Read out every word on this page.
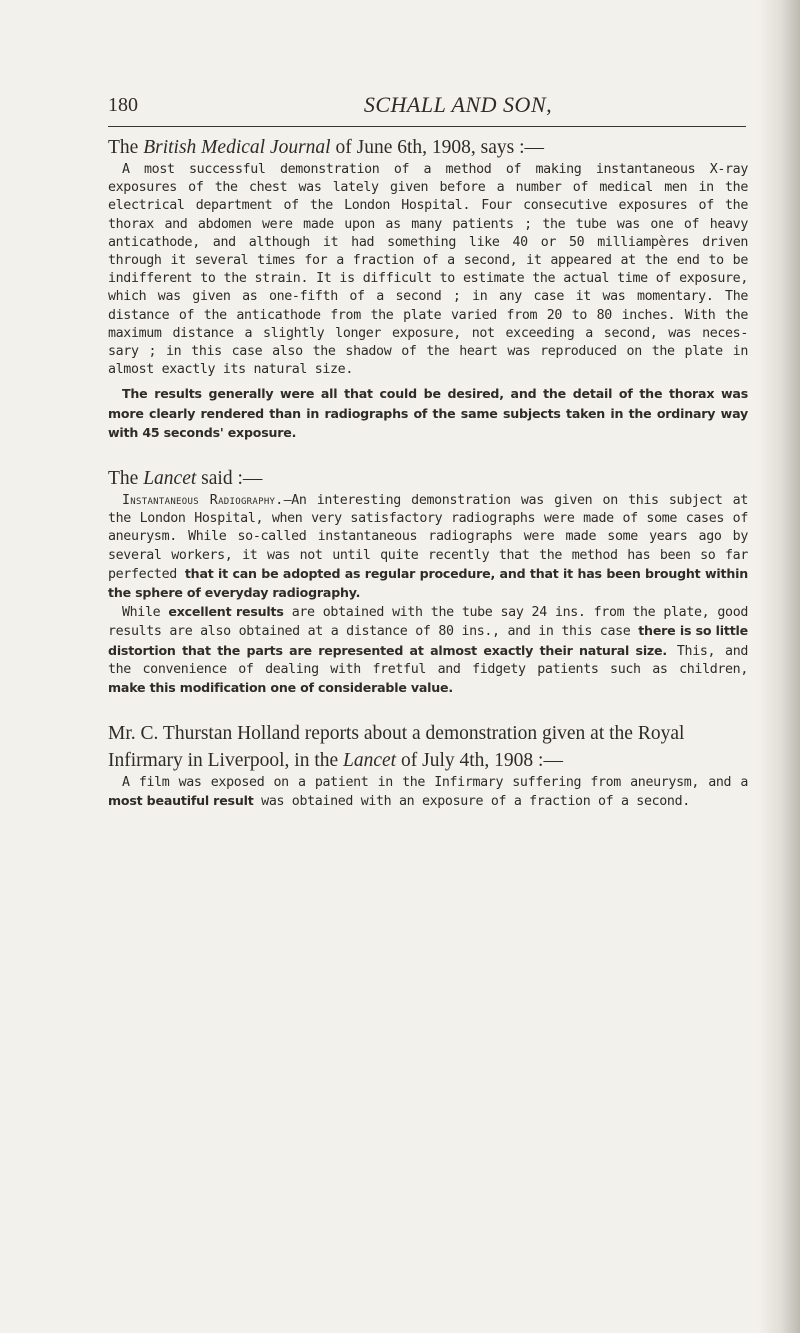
180	SCHALL AND SON,

The British Medical Journal of June 6th, 1908, says :—

A most successful demonstration of a method of making instantaneous X-ray exposures of the chest was lately given before a number of medical men in the electrical department of the London Hospital. Four consecutive exposures of the thorax and abdomen were made upon as many patients ; the tube was one of heavy anticathode, and although it had something like 40 or 50 milliampères driven through it several times for a fraction of a second, it appeared at the end to be indifferent to the strain. It is difficult to estimate the actual time of exposure, which was given as one-fifth of a second ; in any case it was momentary. The distance of the anticathode from the plate varied from 20 to 80 inches. With the maximum distance a slightly longer exposure, not exceeding a second, was neces- sary ; in this case also the shadow of the heart was reproduced on the plate in almost exactly its natural size.

The results generally were all that could be desired, and the detail of the thorax was more clearly rendered than in radiographs of the same subjects taken in the ordinary way with 45 seconds' exposure.

The Lancet said :—

Instantaneous Radiography.—An interesting demonstration was given on this subject at the London Hospital, when very satisfactory radiographs were made of some cases of aneurysm. While so-called instantaneous radiographs were made some years ago by several workers, it was not until quite recently that the method has been so far perfected that it can be adopted as regular procedure, and that it has been brought within the sphere of everyday radiography.

While excellent results are obtained with the tube say 24 ins. from the plate, good results are also obtained at a distance of 80 ins., and in this case there is so little distortion that the parts are represented at almost exactly their natural size. This, and the convenience of dealing with fretful and fidgety patients such as children, make this modification one of considerable value.

Mr. C. Thurstan Holland reports about a demonstration given at the Royal Infirmary in Liverpool, in the Lancet of July 4th, 1908 :—

A film was exposed on a patient in the Infirmary suffering from aneurysm, and a most beautiful result was obtained with an exposure of a fraction of a second.
